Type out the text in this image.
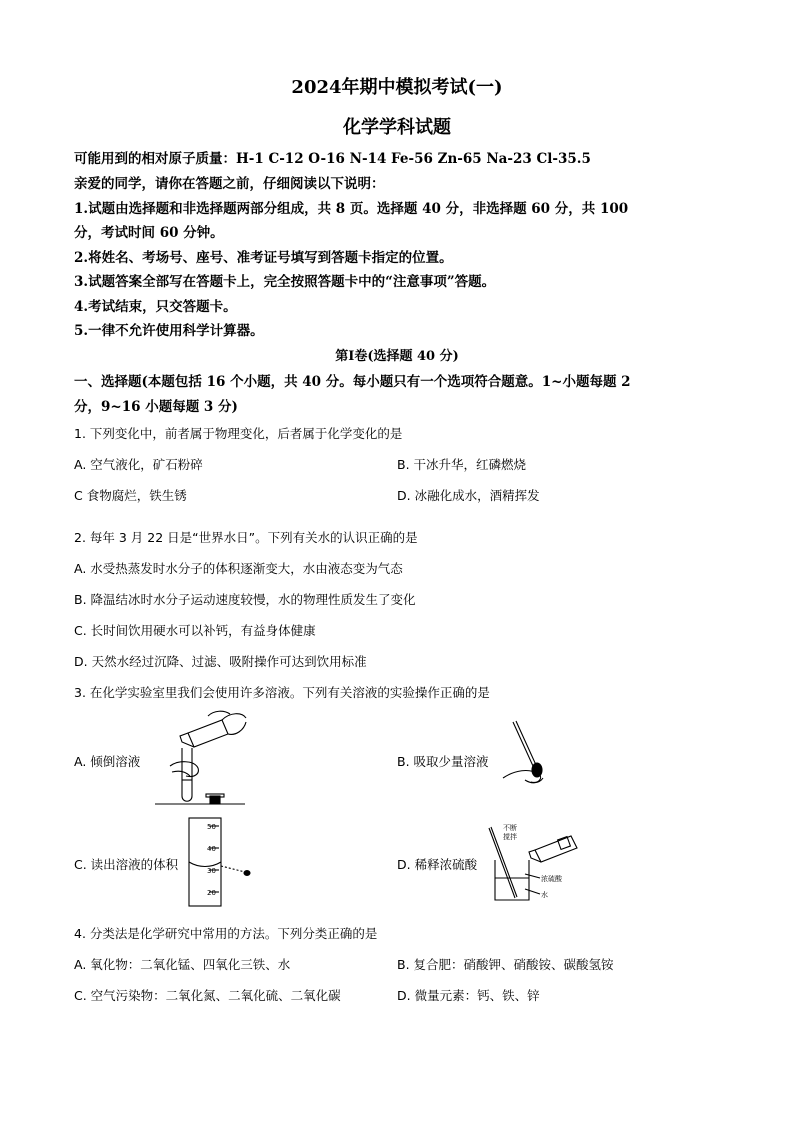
2024年期中模拟考试(一)
化学学科试题
可能用到的相对原子质量：H-1 C-12 O-16 N-14 Fe-56 Zn-65 Na-23 Cl-35.5
亲爱的同学，请你在答题之前，仔细阅读以下说明：
1.试题由选择题和非选择题两部分组成，共 8 页。选择题 40 分，非选择题 60 分，共 100
分，考试时间 60 分钟。
2.将姓名、考场号、座号、准考证号填写到答题卡指定的位置。
3.试题答案全部写在答题卡上，完全按照答题卡中的“注意事项”答题。
4.考试结束，只交答题卡。
5.一律不允许使用科学计算器。
第Ⅰ卷(选择题 40 分)
一、选择题(本题包括 16 个小题，共 40 分。每小题只有一个选项符合题意。1~小题每题 2
分，9~16 小题每题 3 分)
1. 下列变化中，前者属于物理变化，后者属于化学变化的是
A. 空气液化，矿石粉碎	B. 干冰升华，红磷燃烧
C 食物腐烂，铁生锈	D. 冰融化成水，酒精挥发
2. 每年 3 月 22 日是“世界水日”。下列有关水的认识正确的是
A. 水受热蒸发时水分子的体积逐渐变大，水由液态变为气态
B. 降温结冰时水分子运动速度较慢，水的物理性质发生了变化
C. 长时间饮用硬水可以补钙，有益身体健康
D. 天然水经过沉降、过滤、吸附操作可达到饮用标准
3. 在化学实验室里我们会使用许多溶液。下列有关溶液的实验操作正确的是
A. 倾倒溶液	B. 吸取少量溶液
C. 读出溶液的体积	D. 稀释浓硫酸
50
40
30
20
不断
搅拌
浓硫酸
水
4. 分类法是化学研究中常用的方法。下列分类正确的是
A. 氧化物：二氧化锰、四氧化三铁、水	B. 复合肥：硝酸钾、硝酸铵、碳酸氢铵
C. 空气污染物：二氧化氮、二氧化硫、二氧化碳	D. 微量元素：钙、铁、锌
